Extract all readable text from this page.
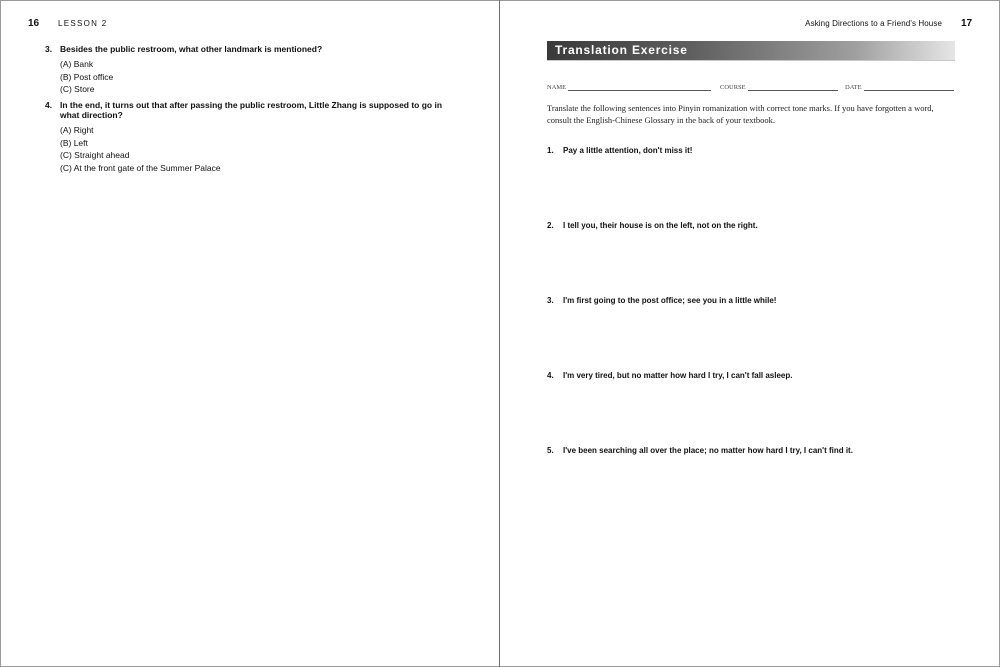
16 LESSON 2
3. Besides the public restroom, what other landmark is mentioned?
(A) Bank
(B) Post office
(C) Store
4. In the end, it turns out that after passing the public restroom, Little Zhang is supposed to go in what direction?
(A) Right
(B) Left
(C) Straight ahead
(C) At the front gate of the Summer Palace
Asking Directions to a Friend's House 17
Translation Exercise
NAME	COURSE	DATE
Translate the following sentences into Pinyin romanization with correct tone marks. If you have forgotten a word, consult the English-Chinese Glossary in the back of your textbook.
1.	Pay a little attention, don't miss it!
2.	I tell you, their house is on the left, not on the right.
3.	I'm first going to the post office; see you in a little while!
4.	I'm very tired, but no matter how hard I try, I can't fall asleep.
5.	I've been searching all over the place; no matter how hard I try, I can't find it.
